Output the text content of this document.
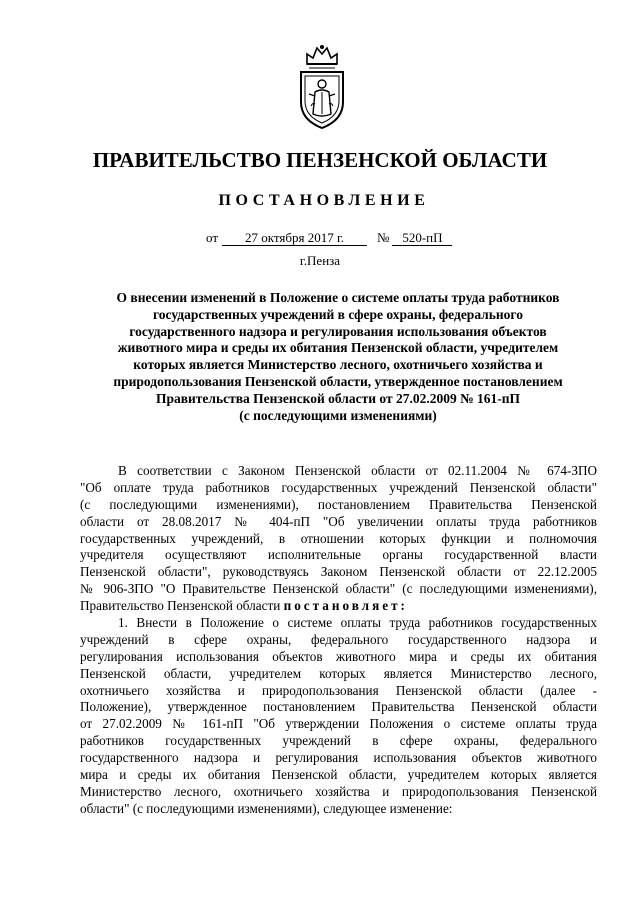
ПРАВИТЕЛЬСТВО ПЕНЗЕНСКОЙ ОБЛАСТИ
ПОСТАНОВЛЕНИЕ
от 27 октября 2017 г.	№ 520-пП
г.Пенза
О внесении изменений в Положение о системе оплаты труда работников
государственных учреждений в сфере охраны, федерального
государственного надзора и регулирования использования объектов
животного мира и среды их обитания Пензенской области, учредителем
которых является Министерство лесного, охотничьего хозяйства и
природопользования Пензенской области, утвержденное постановлением
Правительства Пензенской области от 27.02.2009 № 161-пП
(с последующими изменениями)
В соответствии с Законом Пензенской области от 02.11.2004 № 674-ЗПО
"Об оплате труда работников государственных учреждений Пензенской области"
(с последующими изменениями), постановлением Правительства Пензенской
области от 28.08.2017 № 404-пП "Об увеличении оплаты труда работников
государственных учреждений, в отношении которых функции и полномочия
учредителя осуществляют исполнительные органы государственной власти
Пензенской области", руководствуясь Законом Пензенской области от 22.12.2005
№ 906-ЗПО "О Правительстве Пензенской области" (с последующими изменениями),
Правительство Пензенской области постановляет:
1. Внести в Положение о системе оплаты труда работников государственных
учреждений в сфере охраны, федерального государственного надзора и
регулирования использования объектов животного мира и среды их обитания
Пензенской области, учредителем которых является Министерство лесного,
охотничьего хозяйства и природопользования Пензенской области (далее -
Положение), утвержденное постановлением Правительства Пензенской области
от 27.02.2009 № 161-пП "Об утверждении Положения о системе оплаты труда
работников государственных учреждений в сфере охраны, федерального
государственного надзора и регулирования использования объектов животного
мира и среды их обитания Пензенской области, учредителем которых является
Министерство лесного, охотничьего хозяйства и природопользования Пензенской
области" (с последующими изменениями), следующее изменение:
